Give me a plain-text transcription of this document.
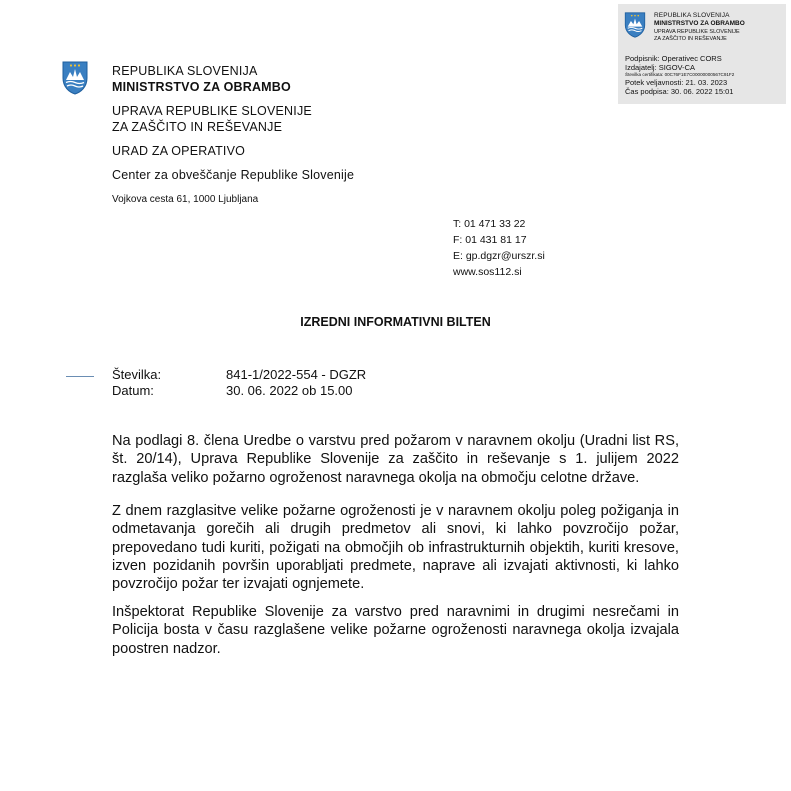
REPUBLIKA SLOVENIJA
MINISTRSTVO ZA OBRAMBO
UPRAVA REPUBLIKE SLOVENIJE
ZA ZAŠČITO IN REŠEVANJE
Podpisnik: Operativec CORS
Izdajatelj: SIGOV-CA
Številka certifikata: 00C76F1E7C00000000567C91F2
Potek veljavnosti: 21. 03. 2023
Čas podpisa: 30. 06. 2022 15:01
REPUBLIKA SLOVENIJA
MINISTRSTVO ZA OBRAMBO
UPRAVA REPUBLIKE SLOVENIJE
ZA ZAŠČITO IN REŠEVANJE
URAD ZA OPERATIVO
Center za obveščanje Republike Slovenije
Vojkova cesta 61, 1000 Ljubljana
T: 01 471 33 22
F: 01 431 81 17
E: gp.dgzr@urszr.si
www.sos112.si
IZREDNI INFORMATIVNI BILTEN
Številka:	841-1/2022-554 - DGZR
Datum:	30. 06. 2022 ob 15.00
Na podlagi 8. člena Uredbe o varstvu pred požarom v naravnem okolju (Uradni list RS,
št. 20/14), Uprava Republike Slovenije za zaščito in reševanje s 1. julijem 2022
razglaša veliko požarno ogroženost naravnega okolja na območju celotne države.
Z dnem razglasitve velike požarne ogroženosti je v naravnem okolju poleg požiganja in
odmetavanja gorečih ali drugih predmetov ali snovi, ki lahko povzročijo požar,
prepovedano tudi kuriti, požigati na območjih ob infrastrukturnih objektih, kuriti kresove,
izven pozidanih površin uporabljati predmete, naprave ali izvajati aktivnosti, ki lahko
povzročijo požar ter izvajati ognjemete.
Inšpektorat Republike Slovenije za varstvo pred naravnimi in drugimi nesrečami in
Policija bosta v času razglašene velike požarne ogroženosti naravnega okolja izvajala
poostren nadzor.
